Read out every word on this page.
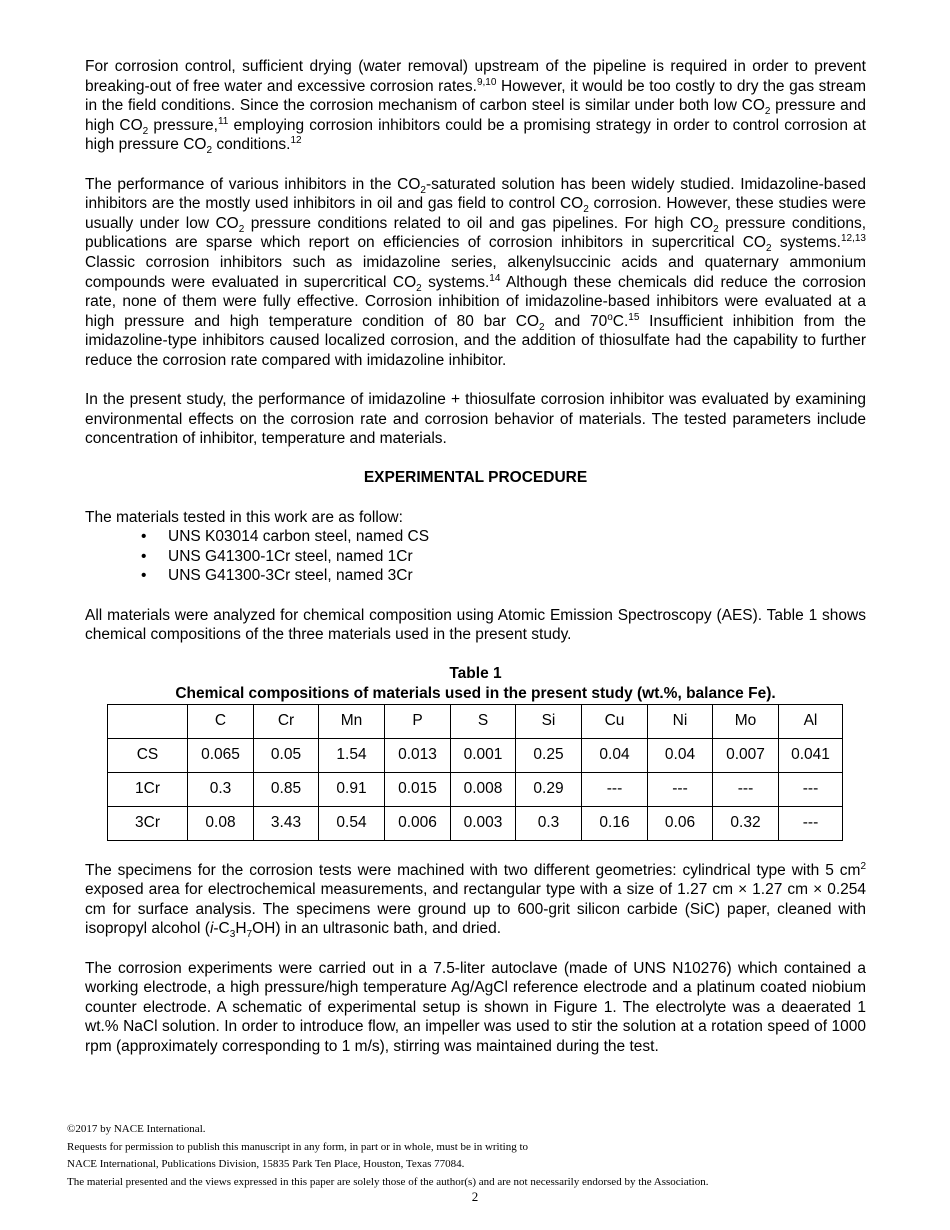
For corrosion control, sufficient drying (water removal) upstream of the pipeline is required in order to prevent breaking-out of free water and excessive corrosion rates.$^{9,10}$ However, it would be too costly to dry the gas stream in the field conditions. Since the corrosion mechanism of carbon steel is similar under both low $CO_2$ pressure and high $CO_2$ pressure,$^{11}$ employing corrosion inhibitors could be a promising strategy in order to control corrosion at high pressure $CO_2$ conditions.$^{12}$

The performance of various inhibitors in the $CO_2$-saturated solution has been widely studied. Imidazoline-based inhibitors are the mostly used inhibitors in oil and gas field to control $CO_2$ corrosion. However, these studies were usually under low $CO_2$ pressure conditions related to oil and gas pipelines. For high $CO_2$ pressure conditions, publications are sparse which report on efficiencies of corrosion inhibitors in supercritical $CO_2$ systems.$^{12,13}$ Classic corrosion inhibitors such as imidazoline series, alkenylsuccinic acids and quaternary ammonium compounds were evaluated in supercritical $CO_2$ systems.$^{14}$ Although these chemicals did reduce the corrosion rate, none of them were fully effective. Corrosion inhibition of imidazoline-based inhibitors were evaluated at a high pressure and high temperature condition of 80 bar $CO_2$ and 70$^o$C.$^{15}$ Insufficient inhibition from the imidazoline-type inhibitors caused localized corrosion, and the addition of thiosulfate had the capability to further reduce the corrosion rate compared with imidazoline inhibitor.

In the present study, the performance of imidazoline + thiosulfate corrosion inhibitor was evaluated by examining environmental effects on the corrosion rate and corrosion behavior of materials. The tested parameters include concentration of inhibitor, temperature and materials.

EXPERIMENTAL PROCEDURE

The materials tested in this work are as follow:

• UNS K03014 carbon steel, named CS
• UNS G41300-1Cr steel, named 1Cr
• UNS G41300-3Cr steel, named 3Cr

All materials were analyzed for chemical composition using Atomic Emission Spectroscopy (AES). Table 1 shows chemical compositions of the three materials used in the present study.

Table 1
Chemical compositions of materials used in the present study (wt.%, balance Fe).
	C	Cr	Mn	P	S	Si	Cu	Ni	Mo	Al
CS	0.065	0.05	1.54	0.013	0.001	0.25	0.04	0.04	0.007	0.041
1Cr	0.3	0.85	0.91	0.015	0.008	0.29	---	---	---	---
3Cr	0.08	3.43	0.54	0.006	0.003	0.3	0.16	0.06	0.32	---

The specimens for the corrosion tests were machined with two different geometries: cylindrical type with 5 $cm^2$ exposed area for electrochemical measurements, and rectangular type with a size of 1.27 cm × 1.27 cm × 0.254 cm for surface analysis. The specimens were ground up to 600-grit silicon carbide (SiC) paper, cleaned with isopropyl alcohol $(i-C_3H_7OH)$ in an ultrasonic bath, and dried.

The corrosion experiments were carried out in a 7.5-liter autoclave (made of UNS N10276) which contained a working electrode, a high pressure/high temperature Ag/AgCl reference electrode and a platinum coated niobium counter electrode. A schematic of experimental setup is shown in Figure 1. The electrolyte was a deaerated 1 wt.% NaCl solution. In order to introduce flow, an impeller was used to stir the solution at a rotation speed of 1000 rpm (approximately corresponding to 1 m/s), stirring was maintained during the test.

©2017 by NACE International.
Requests for permission to publish this manuscript in any form, in part or in whole, must be in writing to
NACE International, Publications Division, 15835 Park Ten Place, Houston, Texas 77084.
The material presented and the views expressed in this paper are solely those of the author(s) and are not necessarily endorsed by the Association.
2
